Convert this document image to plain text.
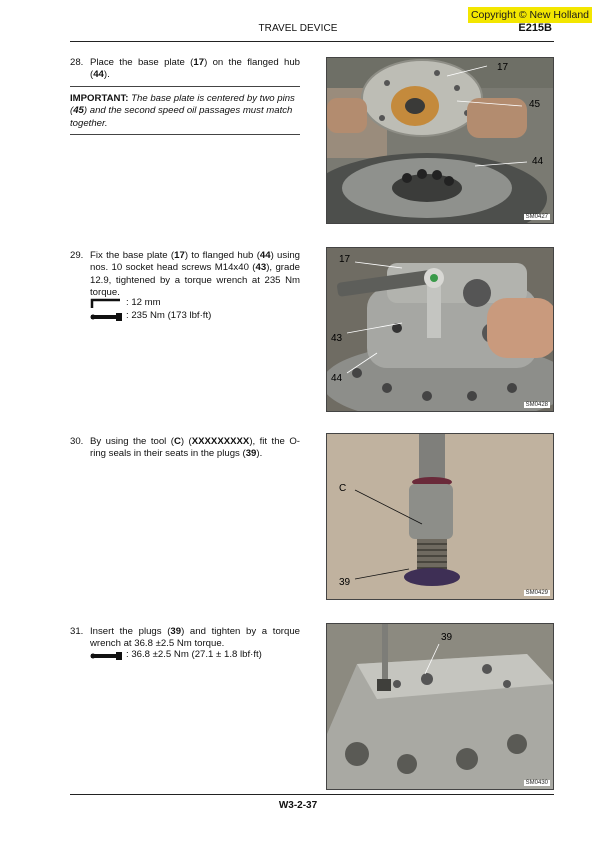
Copyright © New Holland
TRAVEL DEVICE	E215B
28. Place the base plate (17) on the flanged hub (44).
IMPORTANT: The base plate is centered by two pins (45) and the second speed oil passages must match together.
17
45
44
SM0427
29. Fix the base plate (17) to flanged hub (44) using nos. 10 socket head screws M14x40 (43), grade 12.9, tightened by a torque wrench at 235 Nm torque.
: 12 mm
: 235 Nm (173 lbf·ft)
17
43
44
SM0428
30. By using the tool (C) (XXXXXXXXX), fit the O-ring seals in their seats in the plugs (39).
C
39
SM0429
31. Insert the plugs (39) and tighten by a torque wrench at 36.8 ±2.5 Nm torque.
: 36.8 ±2.5 Nm (27.1 ± 1.8 lbf·ft)
39
SM0430
W3-2-37
